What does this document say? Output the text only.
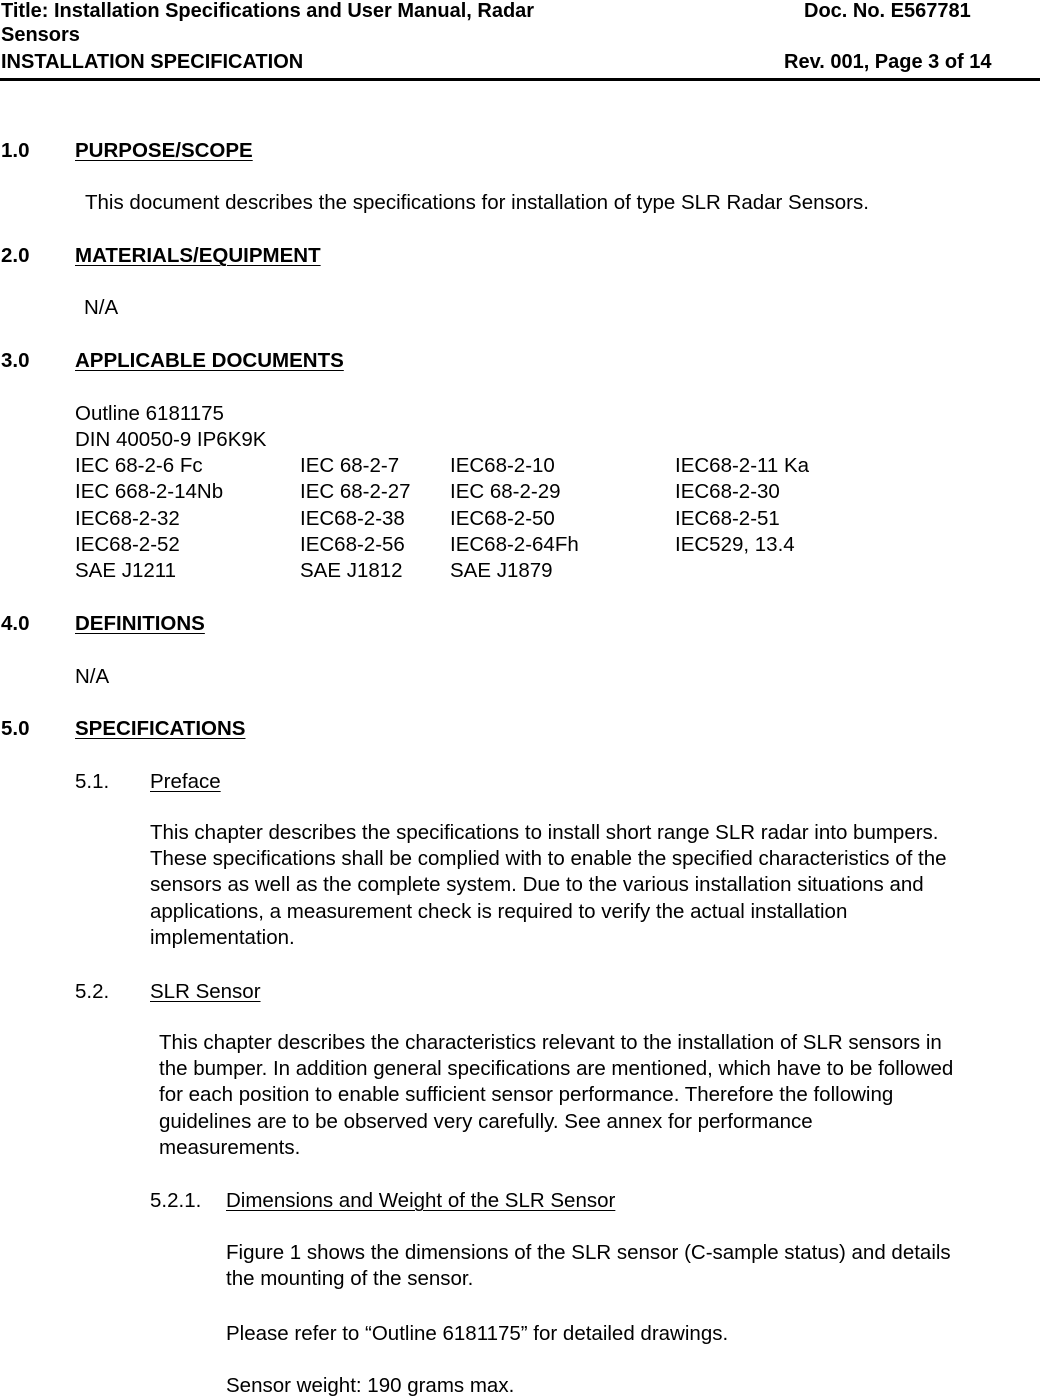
Title: Installation Specifications and User Manual, Radar
Sensors
Doc. No. E567781
INSTALLATION SPECIFICATION	Rev. 001, Page 3 of 14
1.0 PURPOSE/SCOPE
This document describes the specifications for installation of type SLR Radar Sensors.
2.0 MATERIALS/EQUIPMENT
N/A
3.0 APPLICABLE DOCUMENTS
Outline 6181175
DIN 40050-9 IP6K9K
IEC 68-2-6 Fc	IEC 68-2-7 IEC68-2-10	IEC68-2-11 Ka
IEC 668-2-14Nb	IEC 68-2-27 IEC 68-2-29	IEC68-2-30
IEC68-2-32	IEC68-2-38 IEC68-2-50	IEC68-2-51
IEC68-2-52	IEC68-2-56 IEC68-2-64Fh	IEC529, 13.4
SAE J1211	SAE J1812 SAE J1879
4.0 DEFINITIONS
N/A
5.0 SPECIFICATIONS
5.1. Preface
This chapter describes the specifications to install short range SLR radar into bumpers.
These specifications shall be complied with to enable the specified characteristics of the
sensors as well as the complete system. Due to the various installation situations and
applications, a measurement check is required to verify the actual installation
implementation.
5.2. SLR Sensor
This chapter describes the characteristics relevant to the installation of SLR sensors in
the bumper. In addition general specifications are mentioned, which have to be followed
for each position to enable sufficient sensor performance. Therefore the following
guidelines are to be observed very carefully. See annex for performance
measurements.
5.2.1. Dimensions and Weight of the SLR Sensor
Figure 1 shows the dimensions of the SLR sensor (C-sample status) and details
the mounting of the sensor.
Please refer to “Outline 6181175” for detailed drawings.
Sensor weight: 190 grams max.
